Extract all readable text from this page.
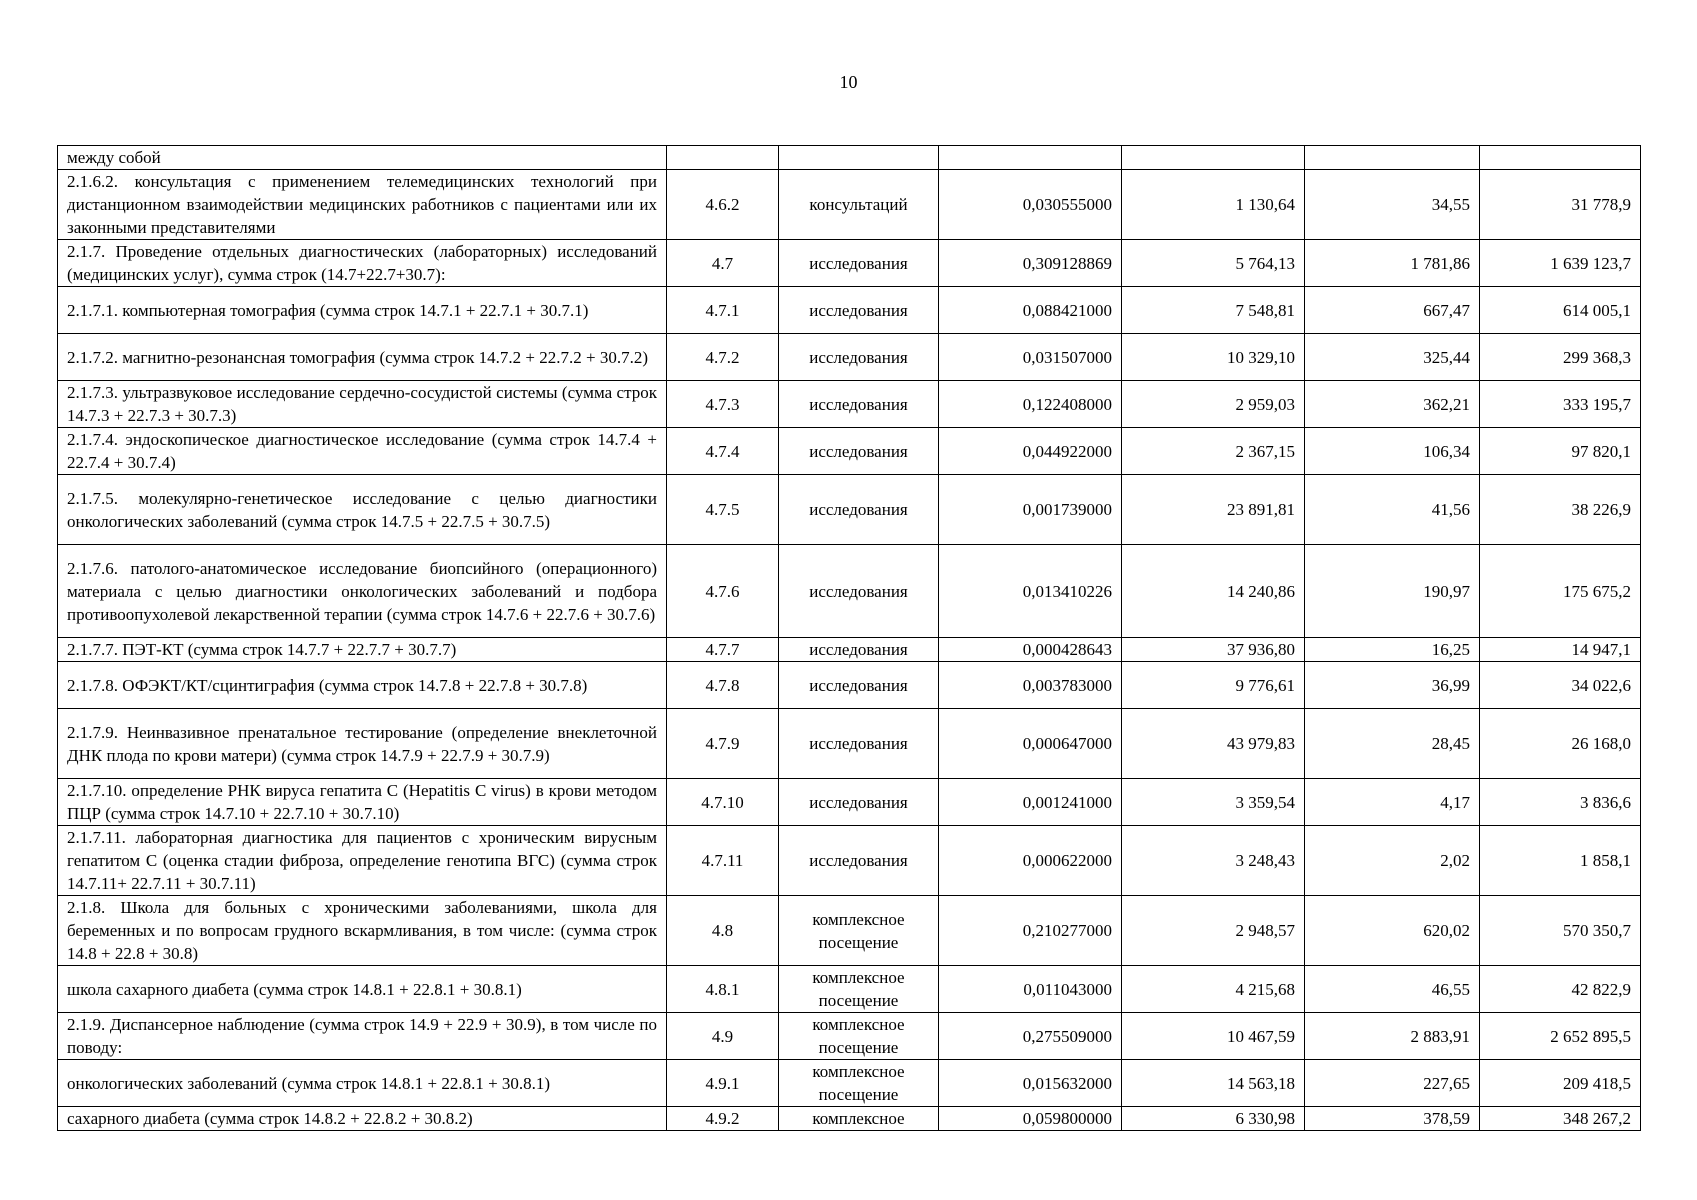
10
между собой						
2.1.6.2. консультация с применением телемедицинских технологий при дистанционном взаимодействии медицинских работников с пациентами или их законными представителями	4.6.2	консультаций	0,030555000	1 130,64	34,55	31 778,9
2.1.7. Проведение отдельных диагностических (лабораторных) исследований (медицинских услуг), сумма строк (14.7+22.7+30.7):	4.7	исследования	0,309128869	5 764,13	1 781,86	1 639 123,7
2.1.7.1. компьютерная томография (сумма строк 14.7.1 + 22.7.1 + 30.7.1)	4.7.1	исследования	0,088421000	7 548,81	667,47	614 005,1
2.1.7.2. магнитно-резонансная томография (сумма строк 14.7.2 + 22.7.2 + 30.7.2)	4.7.2	исследования	0,031507000	10 329,10	325,44	299 368,3
2.1.7.3. ультразвуковое исследование сердечно-сосудистой системы (сумма строк 14.7.3 + 22.7.3 + 30.7.3)	4.7.3	исследования	0,122408000	2 959,03	362,21	333 195,7
2.1.7.4. эндоскопическое диагностическое исследование (сумма строк 14.7.4 + 22.7.4 + 30.7.4)	4.7.4	исследования	0,044922000	2 367,15	106,34	97 820,1
2.1.7.5. молекулярно-генетическое исследование с целью диагностики онкологических заболеваний (сумма строк 14.7.5 + 22.7.5 + 30.7.5)	4.7.5	исследования	0,001739000	23 891,81	41,56	38 226,9
2.1.7.6. патолого-анатомическое исследование биопсийного (операционного) материала с целью диагностики онкологических заболеваний и подбора противоопухолевой лекарственной терапии (сумма строк 14.7.6 + 22.7.6 + 30.7.6)	4.7.6	исследования	0,013410226	14 240,86	190,97	175 675,2
2.1.7.7. ПЭТ-КТ (сумма строк 14.7.7 + 22.7.7 + 30.7.7)	4.7.7	исследования	0,000428643	37 936,80	16,25	14 947,1
2.1.7.8. ОФЭКТ/КТ/сцинтиграфия (сумма строк 14.7.8 + 22.7.8 + 30.7.8)	4.7.8	исследования	0,003783000	9 776,61	36,99	34 022,6
2.1.7.9. Неинвазивное пренатальное тестирование (определение внеклеточной ДНК плода по крови матери) (сумма строк 14.7.9 + 22.7.9 + 30.7.9)	4.7.9	исследования	0,000647000	43 979,83	28,45	26 168,0
2.1.7.10. определение РНК вируса гепатита С (Hepatitis C virus) в крови методом ПЦР (сумма строк 14.7.10 + 22.7.10 + 30.7.10)	4.7.10	исследования	0,001241000	3 359,54	4,17	3 836,6
2.1.7.11. лабораторная диагностика для пациентов с хроническим вирусным гепатитом С (оценка стадии фиброза, определение генотипа ВГС) (сумма строк 14.7.11+ 22.7.11 + 30.7.11)	4.7.11	исследования	0,000622000	3 248,43	2,02	1 858,1
2.1.8. Школа для больных с хроническими заболеваниями, школа для беременных и по вопросам грудного вскармливания, в том числе: (сумма строк 14.8 + 22.8 + 30.8)	4.8	комплексное посещение	0,210277000	2 948,57	620,02	570 350,7
школа сахарного диабета (сумма строк 14.8.1 + 22.8.1 + 30.8.1)	4.8.1	комплексное посещение	0,011043000	4 215,68	46,55	42 822,9
2.1.9. Диспансерное наблюдение (сумма строк 14.9 + 22.9 + 30.9), в том числе по поводу:	4.9	комплексное посещение	0,275509000	10 467,59	2 883,91	2 652 895,5
онкологических заболеваний (сумма строк 14.8.1 + 22.8.1 + 30.8.1)	4.9.1	комплексное посещение	0,015632000	14 563,18	227,65	209 418,5
сахарного диабета (сумма строк 14.8.2 + 22.8.2 + 30.8.2)	4.9.2	комплексное	0,059800000	6 330,98	378,59	348 267,2
